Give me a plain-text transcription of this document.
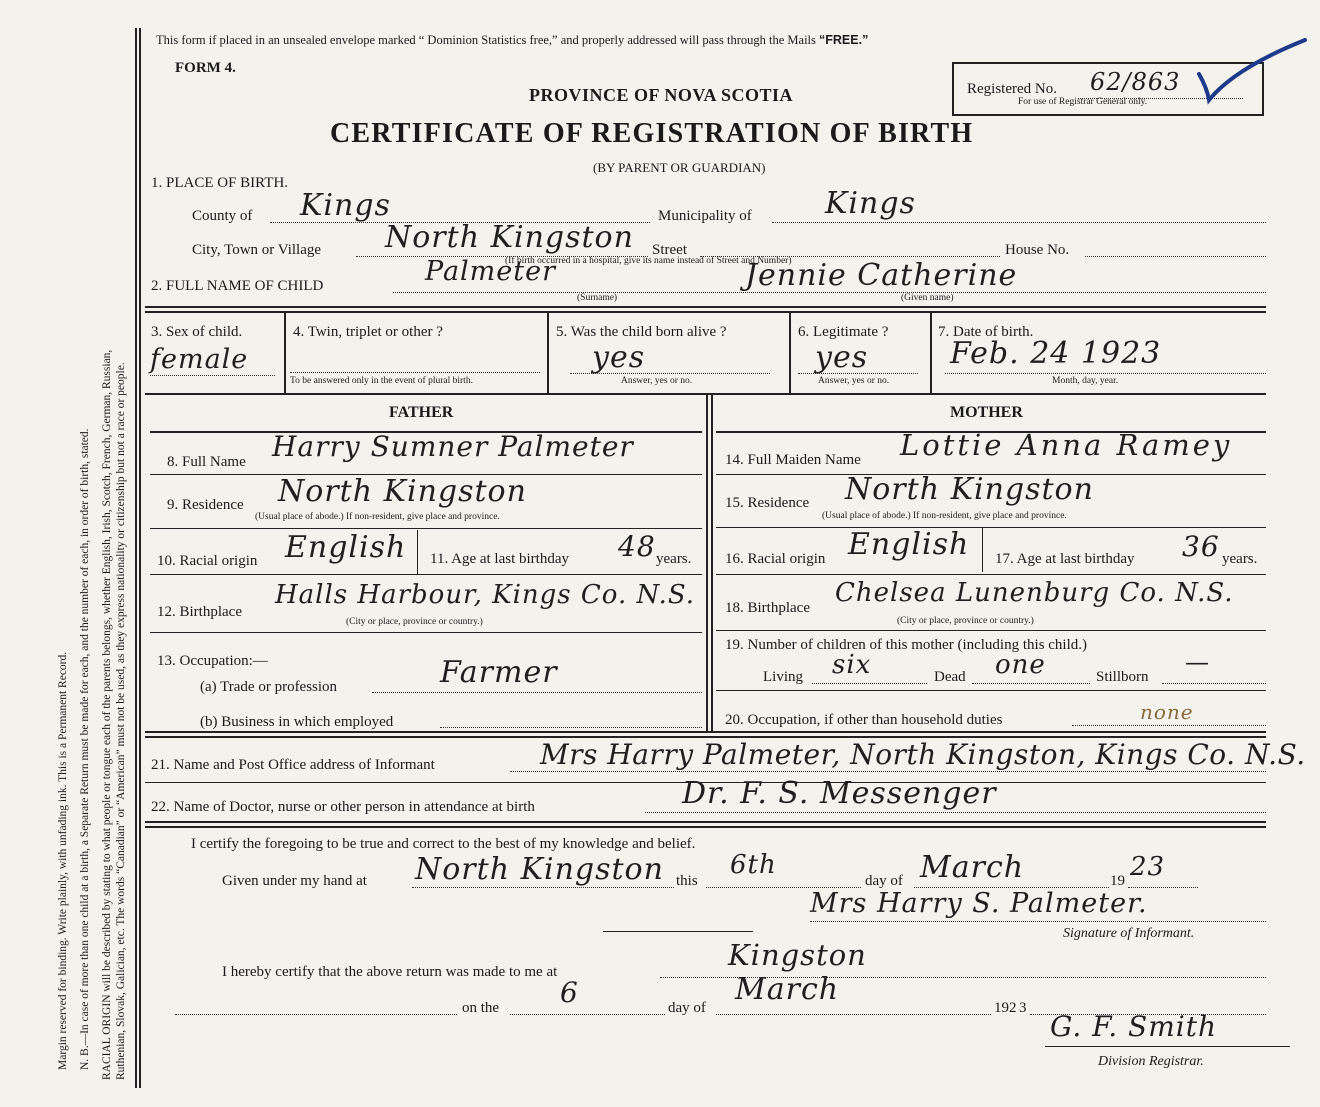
Margin reserved for binding. Write plainly, with unfading ink. This is a Permanent Record. N. B.—In case of more than one child at a birth, a Separate Return must be made for each, and the number of each, in order of birth, stated. RACIAL ORIGIN will be described by stating to what people or tongue each of the parents belongs, whether English, Irish, Scotch, French, German, Russian, Ruthenian, Slovak, Galician, etc. The words “Canadian” or “American” must not be used, as they express nationality or citizenship but not a race or people.
This form if placed in an unsealed envelope marked “ Dominion Statistics free,” and properly addressed will pass through the Mails “FREE.”
FORM 4.
PROVINCE OF NOVA SCOTIA
CERTIFICATE OF REGISTRATION OF BIRTH
(BY PARENT OR GUARDIAN)
Registered No. 62/863
For use of Registrar General only.
1. PLACE OF BIRTH.
County of Kings	Municipality of Kings
City, Town or Village North Kingston Street
(If birth occurred in a hospital, give its name instead of Street and Number)
House No.
2. FULL NAME OF CHILD	Palmeter
(Surname)
Jennie Catherine
(Given name)
3. Sex of child.
female
4. Twin, triplet or other ?
To be answered only in the event of plural birth.
5. Was the child born alive ?
yes
Answer, yes or no.
6. Legitimate ?
yes
Answer, yes or no.
7. Date of birth.
Feb. 24 1923
Month, day, year.
FATHER	MOTHER
8. Full Name Harry Sumner Palmeter
9. Residence North Kingston
(Usual place of abode.) If non-resident, give place and province.
10. Racial origin English 11. Age at last birthday 48 years.
12. Birthplace
Halls Harbour, Kings Co. N.S.
(City or place, province or country.)
13. Occupation:—
(a) Trade or profession	Farmer
(b) Business in which employed
14. Full Maiden Name Lottie Anna Ramey
15. Residence North Kingston
(Usual place of abode.) If non-resident, give place and province.
16. Racial origin English 17. Age at last birthday 36 years.
18. Birthplace Chelsea Lunenburg Co. N.S.
(City or place, province or country.)
19. Number of children of this mother (including this child.)
Living six	Dead one	Stillborn
—
20. Occupation, if other than household duties	none
21. Name and Post Office address of Informant	Mrs Harry Palmeter, North Kingston, Kings Co. N.S.
22. Name of Doctor, nurse or other person in attendance at birth	Dr. F. S. Messenger
I certify the foregoing to be true and correct to the best of my knowledge and belief.
Given under my hand at North Kingston this
6th
day of March	19 23
Mrs Harry S. Palmeter.
Signature of Informant.
I hereby certify that the above return was made to me at	Kingston
on the 6	day of
March
192 3
G. F. Smith
Division Registrar.
